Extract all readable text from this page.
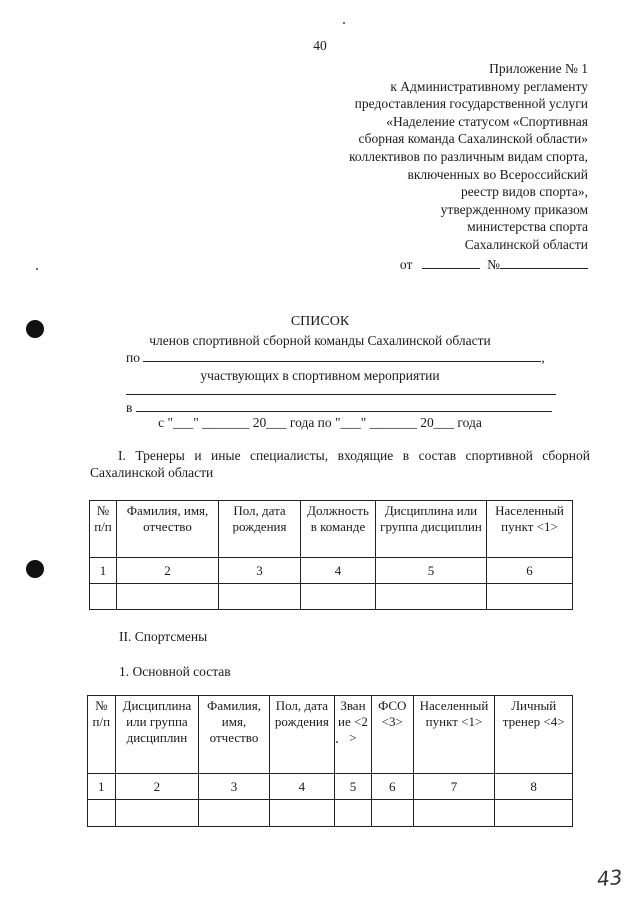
40
Приложение № 1
к Административному регламенту
предоставления государственной услуги
«Наделение статусом «Спортивная
сборная команда Сахалинской области»
коллективов по различным видам спорта,
включенных во Всероссийский
реестр видов спорта»,
утвержденному приказом
министерства спорта
Сахалинской области
от	№
СПИСОК
членов спортивной сборной команды Сахалинской области
по	,
участвующих в спортивном мероприятии
в
с "___" _______ 20___ года по "___" _______ 20___ года
I. Тренеры и иные специалисты, входящие в состав спортивной сборной Сахалинской области
№ п/п	Фамилия, имя, отчество	Пол, дата рождения	Должность в команде	Дисциплина или группа дисциплин	Населенный пункт <1>
1	2	3	4	5	6

II. Спортсмены
1. Основной состав
№ п/п	Дисциплина или группа дисциплин	Фамилия, имя, отчество	Пол, дата рождения	Звание <2>	ФСО <3>	Населенный пункт <1>	Личный тренер <4>
1	2	3	4	5	6	7	8

43
